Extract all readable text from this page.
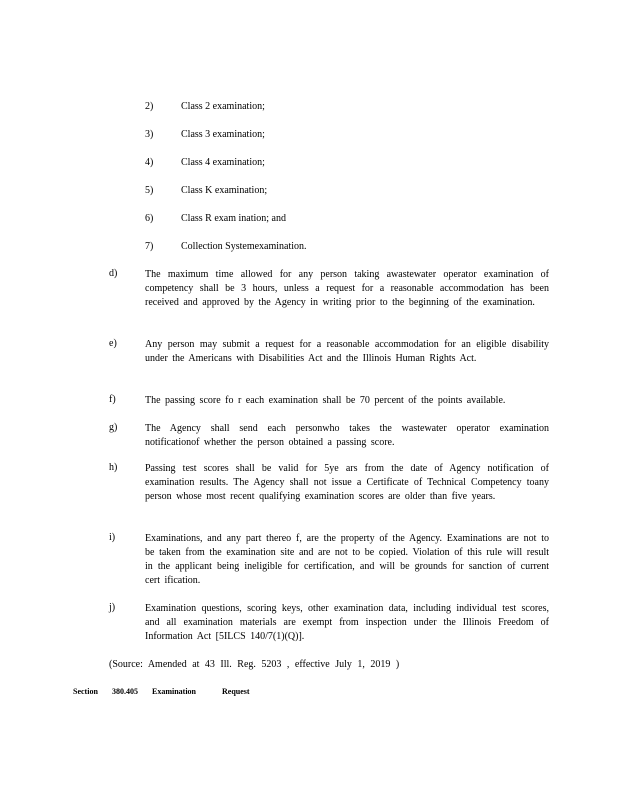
2)	Class 2 examination;
3)	Class 3 examination;
4)	Class 4 examination;
5)	Class K examination;
6)	Class R exam ination; and
7)	Collection Systemexamination.
d)	The maximum time allowed for any person taking awastewater operator examination of competency shall be 3 hours, unless a request for a reasonable accommodation has been received and approved by the Agency in writing prior to the beginning of the examination.
e)	Any person may submit a request for a reasonable accommodation for an eligible disability under the Americans with Disabilities Act and the Illinois Human Rights Act.
f)	The passing score fo r each examination shall be 70 percent of the points available.
g)	The Agency shall send each personwho takes the wastewater operator examination notificationof whether the person obtained a passing score.
h)	Passing test scores shall be valid for 5ye ars from the date of Agency notification of examination results. The Agency shall not issue a Certificate of Technical Competency toany person whose most recent qualifying examination scores are older than five years.
i)	Examinations, and any part thereo f, are the property of the Agency. Examinations are not to be taken from the examination site and are not to be copied. Violation of this rule will result in the applicant being ineligible for certification, and will be grounds for sanction of current cert ification.
j)	Examination questions, scoring keys, other examination data, including individual test scores, and all examination materials are exempt from inspection under the Illinois Freedom of Information Act [5ILCS 140/7(1)(Q)].
(Source: Amended at 43 Ill. Reg. 5203 , effective July 1, 2019 )
Section 380.405 Examination	Request
